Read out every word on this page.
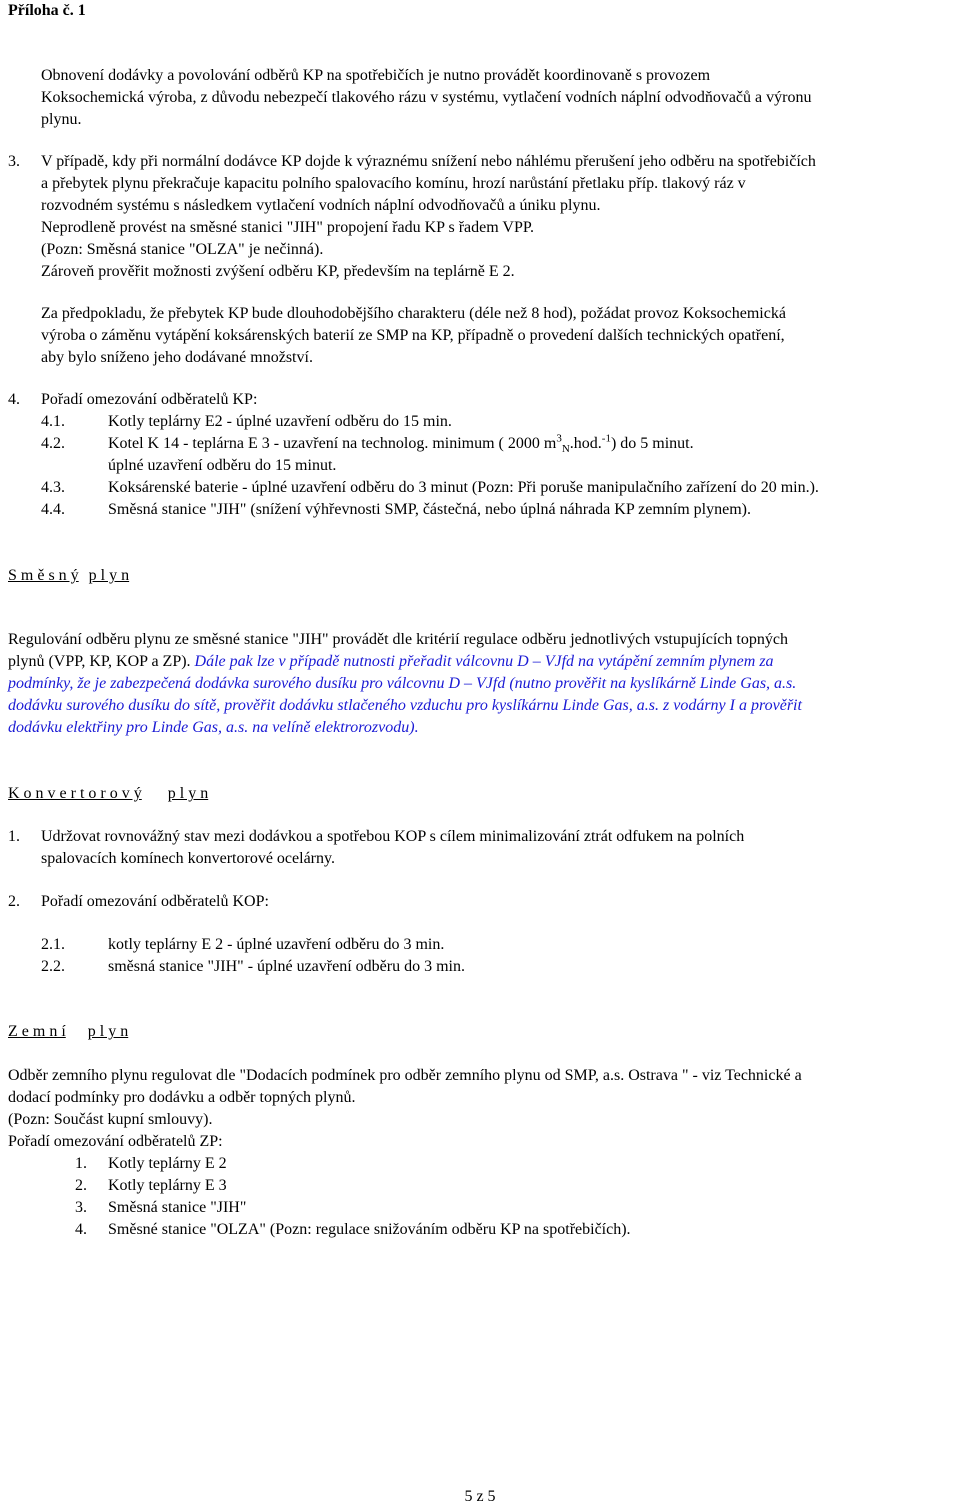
Příloha č. 1
Obnovení dodávky a povolování odběrů KP na spotřebičích je nutno provádět koordinovaně s provozem
Koksochemická výroba, z důvodu nebezpečí tlakového rázu v systému, vytlačení vodních náplní odvodňovačů a výronu
plynu.
3. V případě, kdy při normální dodávce KP dojde k výraznému snížení nebo náhlému přerušení jeho odběru na spotřebičích
a přebytek plynu překračuje kapacitu polního spalovacího komínu, hrozí narůstání přetlaku příp. tlakový ráz v
rozvodném systému s následkem vytlačení vodních náplní odvodňovačů a úniku plynu.
Neprodleně provést na směsné stanici "JIH" propojení řadu KP s řadem VPP.
(Pozn: Směsná stanice "OLZA" je nečinná).
Zároveň prověřit možnosti zvýšení odběru KP, především na teplárně E 2.
Za předpokladu, že přebytek KP bude dlouhodobějšího charakteru (déle než 8 hod), požádat provoz Koksochemická
výroba o záměnu vytápění koksárenských baterií ze SMP na KP, případně o provedení dalších technických opatření,
aby bylo sníženo jeho dodávané množství.
4. Pořadí omezování odběratelů KP:
4.1.	Kotly teplárny E2 - úplné uzavření odběru do 15 min.
4.2.	Kotel K 14 - teplárna E 3 - uzavření na technolog. minimum ( 2000 $m^3_N.hod.^{-1}$) do 5 minut.
úplné uzavření odběru do 15 minut.
4.3.	Koksárenské baterie - úplné uzavření odběru do 3 minut (Pozn: Při poruše manipulačního zařízení do 20 min.).
4.4.	Směsná stanice "JIH" (snížení výhřevnosti SMP, částečná, nebo úplná náhrada KP zemním plynem).
S m ě s n ý p l y n
Regulování odběru plynu ze směsné stanice "JIH" provádět dle kritérií regulace odběru jednotlivých vstupujících topných
plynů (VPP, KP, KOP a ZP). Dále pak lze v případě nutnosti přeřadit válcovnu D – VJfd na vytápění zemním plynem za
podmínky, že je zabezpečená dodávka surového dusíku pro válcovnu D – VJfd (nutno prověřit na kyslíkárně Linde Gas, a.s.
dodávku surového dusíku do sítě, prověřit dodávku stlačeného vzduchu pro kyslíkárnu Linde Gas, a.s. z vodárny I a prověřit
dodávku elektřiny pro Linde Gas, a.s. na velíně elektrorozvodu).
K o n v e r t o r o v ý p l y n
1. Udržovat rovnovážný stav mezi dodávkou a spotřebou KOP s cílem minimalizování ztrát odfukem na polních
spalovacích komínech konvertorové ocelárny.
2. Pořadí omezování odběratelů KOP:
2.1.	kotly teplárny E 2 - úplné uzavření odběru do 3 min.
2.2.	směsná stanice "JIH" - úplné uzavření odběru do 3 min.
Z e m n í p l y n
Odběr zemního plynu regulovat dle "Dodacích podmínek pro odběr zemního plynu od SMP, a.s. Ostrava " - viz Technické a
dodací podmínky pro dodávku a odběr topných plynů.
(Pozn: Součást kupní smlouvy).
Pořadí omezování odběratelů ZP:
1. Kotly teplárny E 2
2. Kotly teplárny E 3
3. Směsná stanice "JIH"
4. Směsné stanice "OLZA" (Pozn: regulace snižováním odběru KP na spotřebičích).
5 z 5
